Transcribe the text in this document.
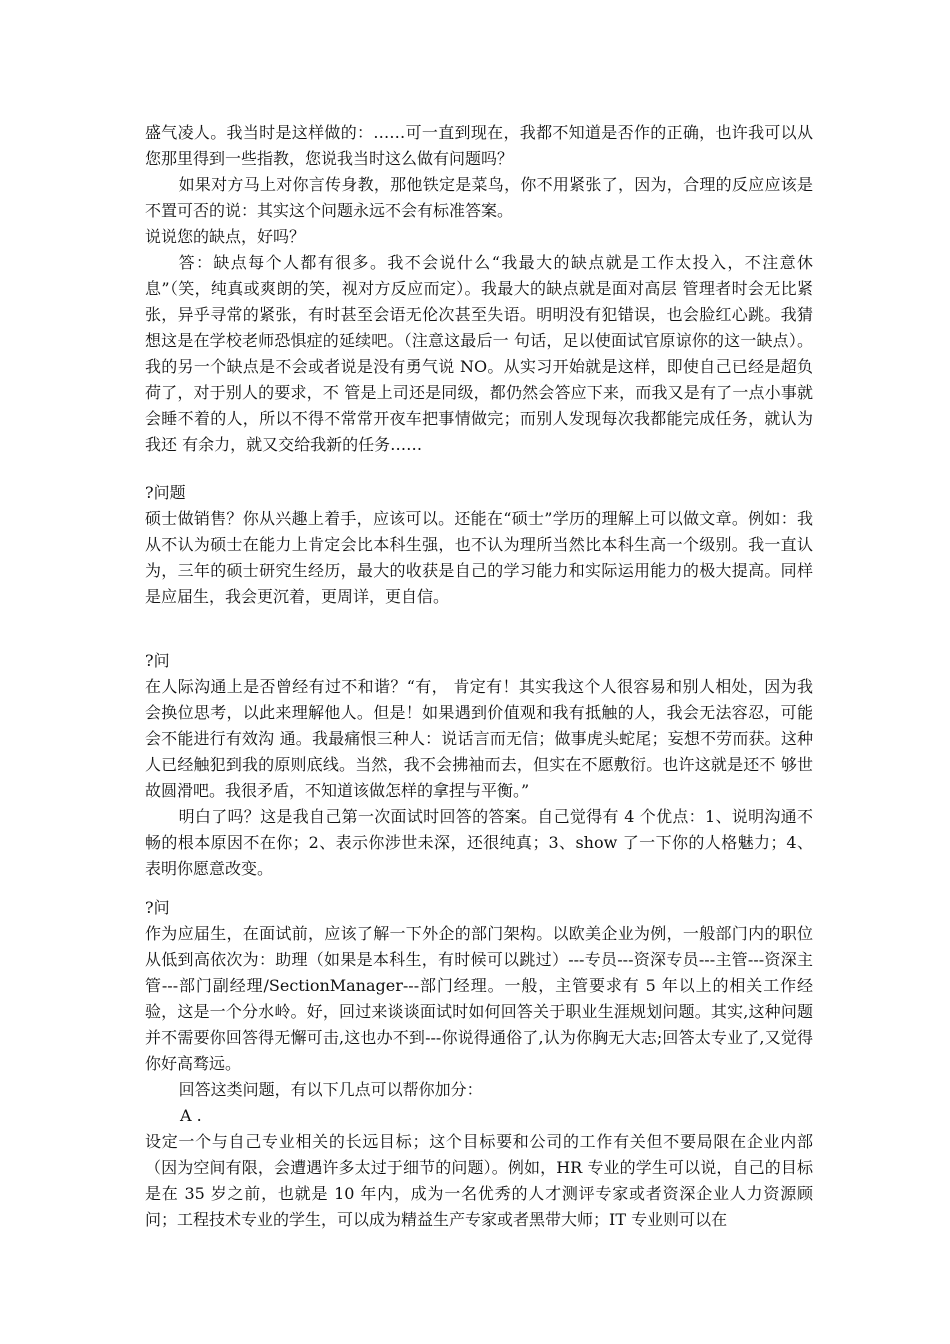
盛气凌人。我当时是这样做的：……可一直到现在，我都不知道是否作的正确，也许我可以从您那里得到一些指教，您说我当时这么做有问题吗？

如果对方马上对你言传身教，那他铁定是菜鸟，你不用紧张了，因为，合理的反应应该是不置可否的说：其实这个问题永远不会有标准答案。

说说您的缺点，好吗？

答：缺点每个人都有很多。我不会说什么“我最大的缺点就是工作太投入，不注意休息”（笑，纯真或爽朗的笑，视对方反应而定）。我最大的缺点就是面对高层 管理者时会无比紧张，异乎寻常的紧张，有时甚至会语无伦次甚至失语。明明没有犯错误，也会脸红心跳。我猜想这是在学校老师恐惧症的延续吧。（注意这最后一 句话，足以使面试官原谅你的这一缺点）。我的另一个缺点是不会或者说是没有勇气说 NO。从实习开始就是这样，即使自己已经是超负荷了，对于别人的要求，不 管是上司还是同级，都仍然会答应下来，而我又是有了一点小事就会睡不着的人，所以不得不常常开夜车把事情做完；而别人发现每次我都能完成任务，就认为我还 有余力，就又交给我新的任务……

?问题

硕士做销售？你从兴趣上着手，应该可以。还能在“硕士”学历的理解上可以做文章。例如：我从不认为硕士在能力上肯定会比本科生强，也不认为理所当然比本科生高一个级别。我一直认为，三年的硕士研究生经历，最大的收获是自己的学习能力和实际运用能力的极大提高。同样是应届生，我会更沉着，更周详，更自信。

?问

在人际沟通上是否曾经有过不和谐？“有， 肯定有！其实我这个人很容易和别人相处，因为我会换位思考，以此来理解他人。但是！如果遇到价值观和我有抵触的人，我会无法容忍，可能会不能进行有效沟 通。我最痛恨三种人：说话言而无信；做事虎头蛇尾；妄想不劳而获。这种人已经触犯到我的原则底线。当然，我不会拂袖而去，但实在不愿敷衍。也许这就是还不 够世故圆滑吧。我很矛盾，不知道该做怎样的拿捏与平衡。”

明白了吗？这是我自己第一次面试时回答的答案。自己觉得有 4 个优点：1、说明沟通不畅的根本原因不在你；2、表示你涉世未深，还很纯真；3、show 了一下你的人格魅力；4、表明你愿意改变。

?问

作为应届生，在面试前，应该了解一下外企的部门架构。以欧美企业为例，一般部门内的职位从低到高依次为：助理（如果是本科生，有时候可以跳过）---专员---资深专员---主管---资深主管---部门副经理/SectionManager---部门经理。一般，主管要求有 5 年以上的相关工作经验，这是一个分水岭。好，回过来谈谈面试时如何回答关于职业生涯规划问题。其实,这种问题并不需要你回答得无懈可击,这也办不到---你说得通俗了,认为你胸无大志;回答太专业了,又觉得你好高骛远。

回答这类问题，有以下几点可以帮你加分：

A .

设定一个与自己专业相关的长远目标；这个目标要和公司的工作有关但不要局限在企业内部（因为空间有限，会遭遇许多太过于细节的问题）。例如，HR 专业的学生可以说，自己的目标是在 35 岁之前，也就是 10 年内，成为一名优秀的人才测评专家或者资深企业人力资源顾问；工程技术专业的学生，可以成为精益生产专家或者黑带大师；IT 专业则可以在
